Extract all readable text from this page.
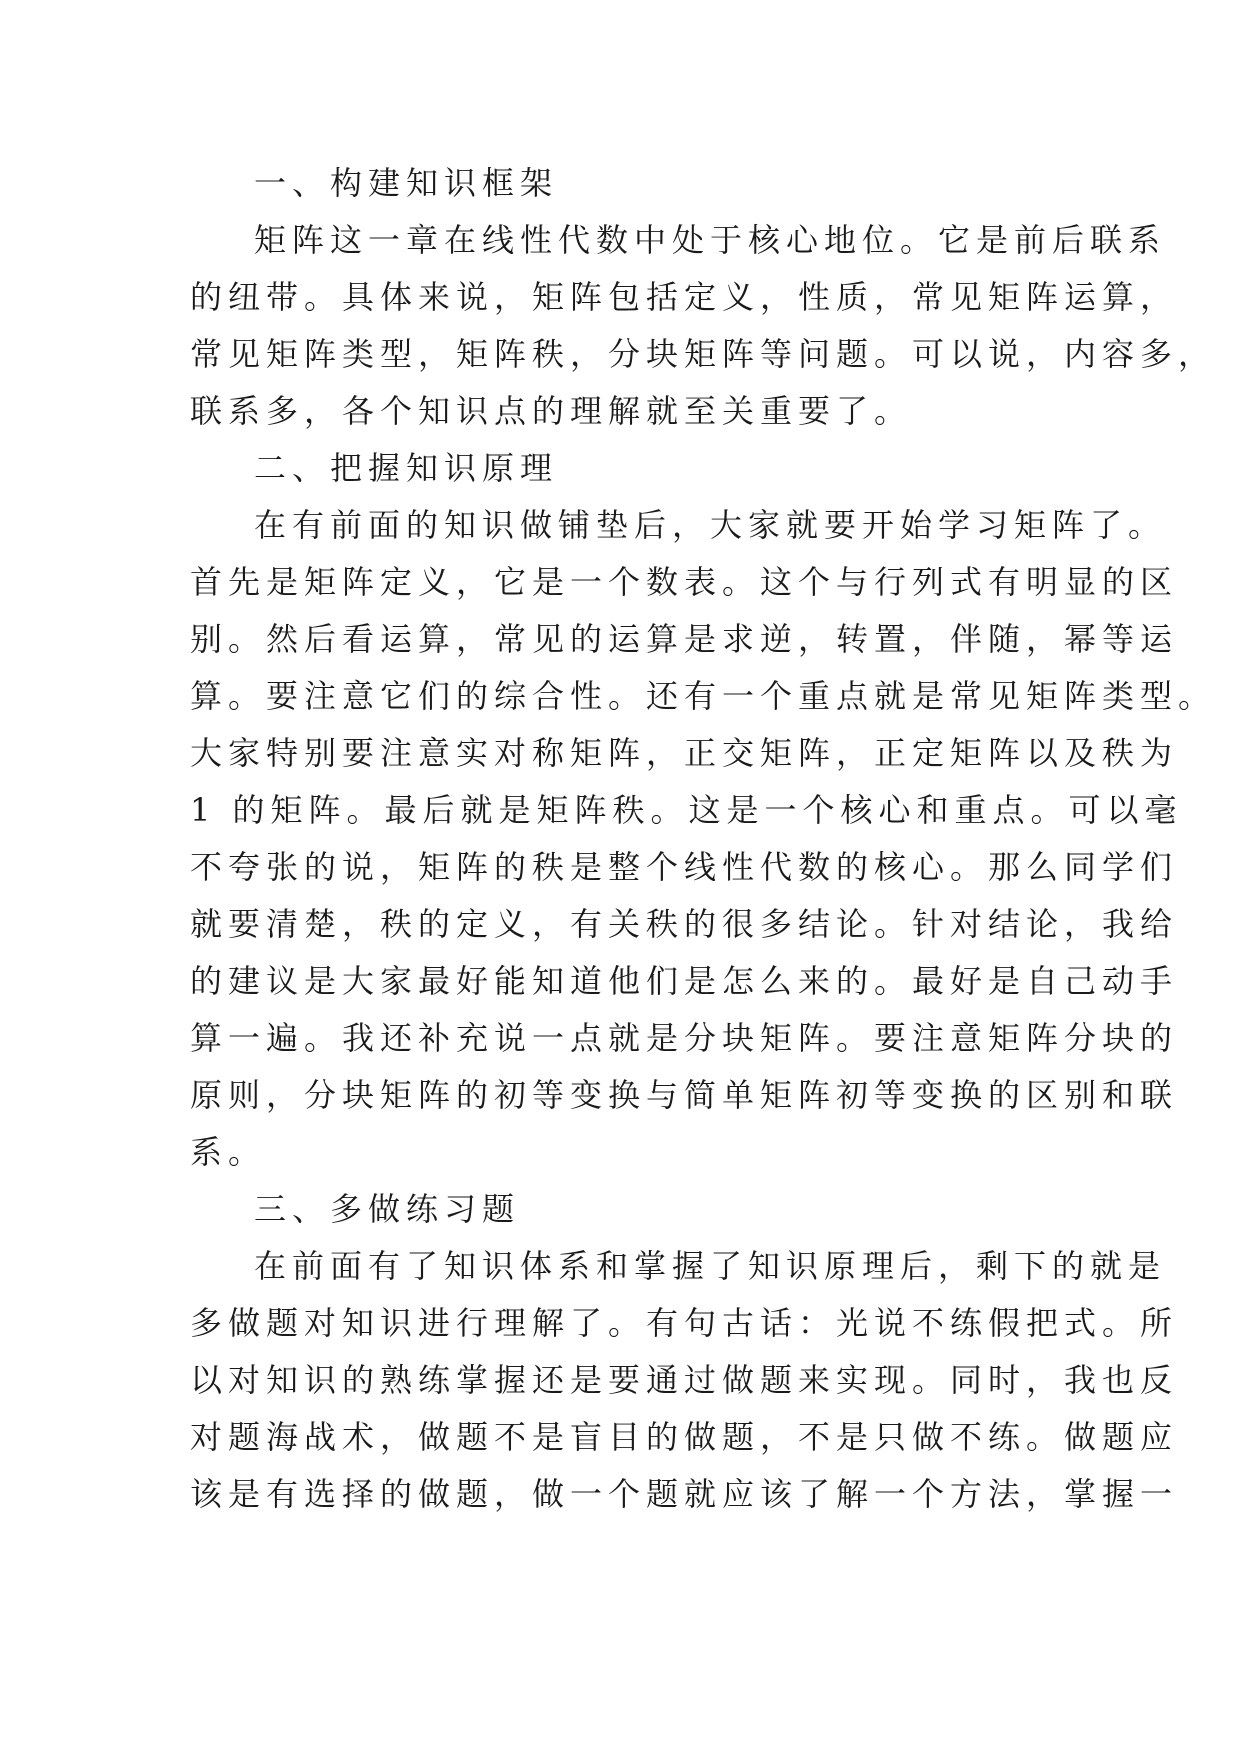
一、构建知识框架
矩阵这一章在线性代数中处于核心地位。它是前后联系
的纽带。具体来说，矩阵包括定义，性质，常见矩阵运算，
常见矩阵类型，矩阵秩，分块矩阵等问题。可以说，内容多，
联系多，各个知识点的理解就至关重要了。
二、把握知识原理
在有前面的知识做铺垫后，大家就要开始学习矩阵了。
首先是矩阵定义，它是一个数表。这个与行列式有明显的区
别。然后看运算，常见的运算是求逆，转置，伴随，幂等运
算。要注意它们的综合性。还有一个重点就是常见矩阵类型。
大家特别要注意实对称矩阵，正交矩阵，正定矩阵以及秩为
1 的矩阵。最后就是矩阵秩。这是一个核心和重点。可以毫
不夸张的说，矩阵的秩是整个线性代数的核心。那么同学们
就要清楚，秩的定义，有关秩的很多结论。针对结论，我给
的建议是大家最好能知道他们是怎么来的。最好是自己动手
算一遍。我还补充说一点就是分块矩阵。要注意矩阵分块的
原则，分块矩阵的初等变换与简单矩阵初等变换的区别和联
系。
三、多做练习题
在前面有了知识体系和掌握了知识原理后，剩下的就是
多做题对知识进行理解了。有句古话：光说不练假把式。所
以对知识的熟练掌握还是要通过做题来实现。同时，我也反
对题海战术，做题不是盲目的做题，不是只做不练。做题应
该是有选择的做题，做一个题就应该了解一个方法，掌握一
